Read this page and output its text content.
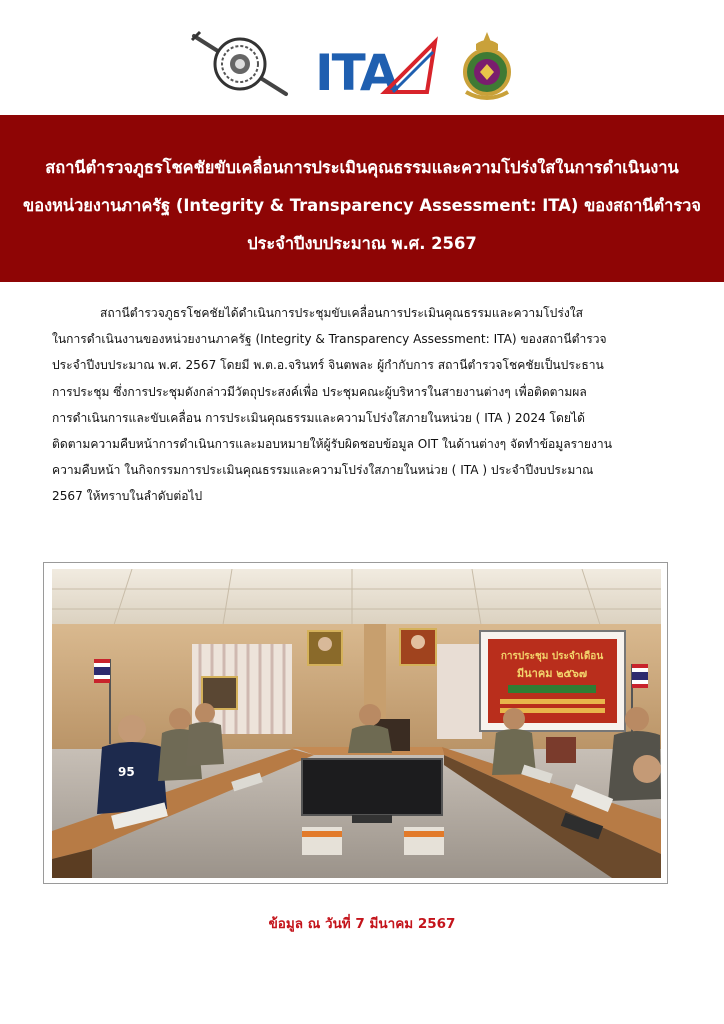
ITA
สถานีตำรวจภูธรโชคชัยขับเคลื่อนการประเมินคุณธรรมและความโปร่งใสในการดำเนินงาน
ของหน่วยงานภาครัฐ (Integrity & Transparency Assessment: ITA) ของสถานีตำรวจ
ประจำปีงบประมาณ พ.ศ. 2567
สถานีตำรวจภูธรโชคชัยได้ดำเนินการประชุมขับเคลื่อนการประเมินคุณธรรมและความโปร่งใส
ในการดำเนินงานของหน่วยงานภาครัฐ (Integrity & Transparency Assessment: ITA) ของสถานีตำรวจ
ประจำปีงบประมาณ พ.ศ. 2567 โดยมี พ.ต.อ.จรินทร์ จินตพละ ผู้กำกับการ สถานีตำรวจโชคชัยเป็นประธาน
การประชุม ซึ่งการประชุมดังกล่าวมีวัตถุประสงค์เพื่อ ประชุมคณะผู้บริหารในสายงานต่างๆ เพื่อติดตามผล
การดำเนินการและขับเคลื่อน การประเมินคุณธรรมและความโปร่งใสภายในหน่วย ( ITA ) 2024 โดยได้
ติดตามความคืบหน้าการดำเนินการและมอบหมายให้ผู้รับผิดชอบข้อมูล OIT ในด้านต่างๆ จัดทำข้อมูลรายงาน
ความคืบหน้า ในกิจกรรมการประเมินคุณธรรมและความโปร่งใสภายในหน่วย ( ITA ) ประจำปีงบประมาณ
2567 ให้ทราบในลำดับต่อไป
การประชุม ประจำเดือน
มีนาคม ๒๕๖๗
95
ข้อมูล ณ วันที่ 7 มีนาคม 2567
